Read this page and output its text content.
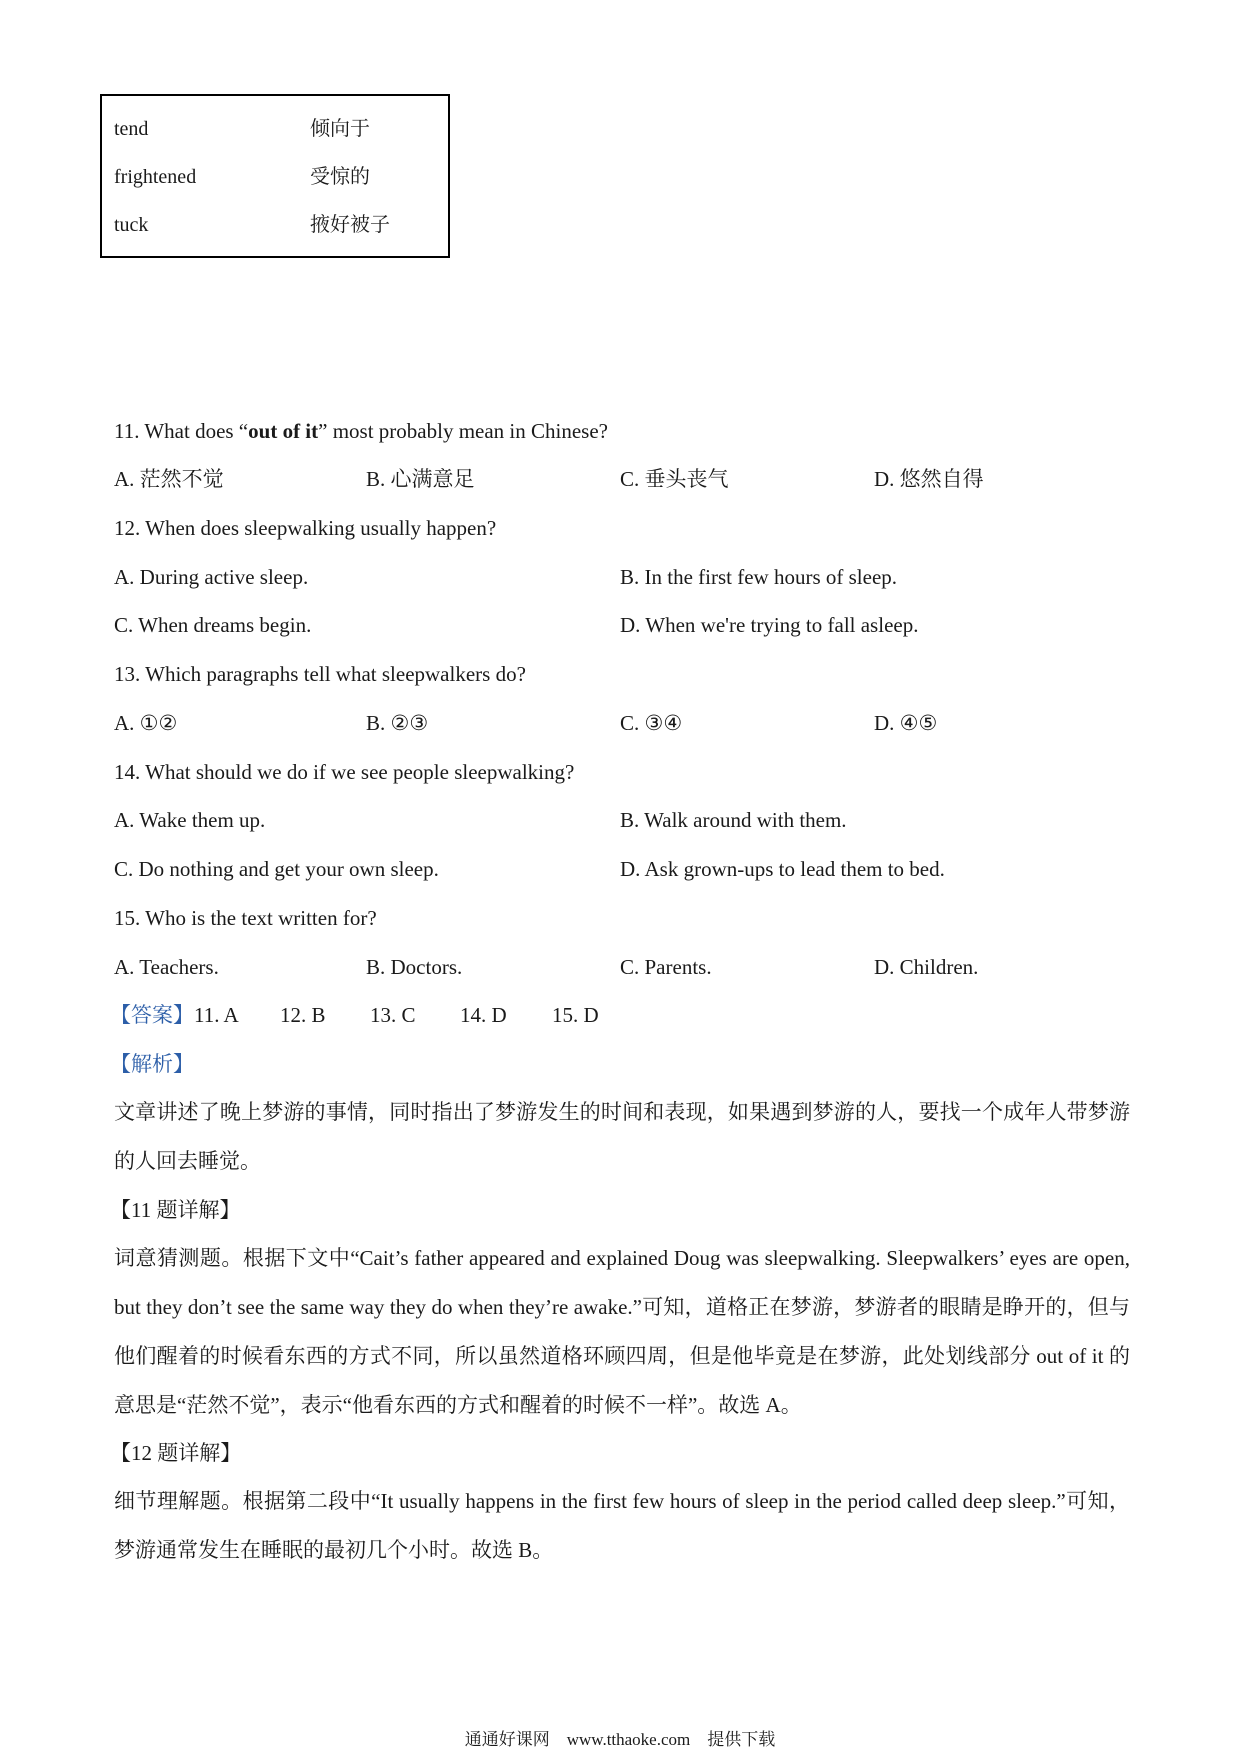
tend	倾向于
frightened	受惊的
tuck	掖好被子
11. What does “out of it” most probably mean in Chinese?
A. 茫然不觉	B. 心满意足	C. 垂头丧气	D. 悠然自得
12. When does sleepwalking usually happen?
A. During active sleep.	B. In the first few hours of sleep.
C. When dreams begin.	D. When we're trying to fall asleep.
13. Which paragraphs tell what sleepwalkers do?
A. ①②	B. ②③	C. ③④	D. ④⑤
14. What should we do if we see people sleepwalking?
A. Wake them up.	B. Walk around with them.
C. Do nothing and get your own sleep.	D. Ask grown-ups to lead them to bed.
15. Who is the text written for?
A. Teachers.	B. Doctors.	C. Parents.	D. Children.
【答案】11. A 12. B 13. C 14. D 15. D
【解析】
文章讲述了晚上梦游的事情，同时指出了梦游发生的时间和表现，如果遇到梦游的人，要找一个成年人带梦游的人回去睡觉。
【11 题详解】
词意猜测题。根据下文中“Cait’s father appeared and explained Doug was sleepwalking. Sleepwalkers’ eyes are open, but they don’t see the same way they do when they’re awake.”可知，道格正在梦游，梦游者的眼睛是睁开的，但与他们醒着的时候看东西的方式不同，所以虽然道格环顾四周，但是他毕竟是在梦游，此处划线部分 out of it 的意思是“茫然不觉”，表示“他看东西的方式和醒着的时候不一样”。故选 A。
【12 题详解】
细节理解题。根据第二段中“It usually happens in the first few hours of sleep in the period called deep sleep.”可知，梦游通常发生在睡眠的最初几个小时。故选 B。
通通好课网　www.tthaoke.com　提供下载
